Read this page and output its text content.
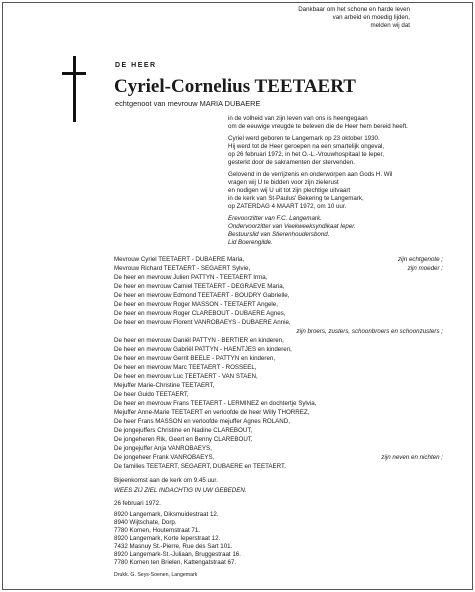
Dankbaar om het schone en harde leven
van arbeid en moedig lijden,
melden wij dat
DE HEER
Cyriel-Cornelius TEETAERT
echtgenoot van mevrouw MARIA DUBAERE
in de volheid van zijn leven van ons is heengegaan
om de eeuwige vreugde te beleven die de Heer hem bereid heeft.
Cyriel werd geboren te Langemark op 23 oktober 1930.
Hij werd tot de Heer geroepen na een smartelijk ongeval,
op 26 februari 1972, in het O.-L.-Vrouwhospitaal te Ieper,
gesterkt door de sakramenten der stervenden.
Gelovend in de verrijzenis en onderworpen aan Gods H. Wil
vragen wij U te bidden voor zijn zielerust
en nodigen wij U uit tot zijn plechtige uitvaart
in de kerk van St-Paulus' Bekering te Langemark,
op ZATERDAG 4 MAART 1972, om 10 uur.
Erevoorzitter van F.C. Langemark.
Ondervoorzitter van Veekweeksyndikaat Ieper.
Bestuurslid van Stierenhoudersbond.
Lid Boerengilde.
Mevrouw Cyriel TEETAERT - DUBAERE Maria,	zijn echtgenote ;
Mevrouw Richard TEETAERT - SEGAERT Sylvie,	zijn moeder ;
De heer en mevrouw Julien PATTYN - TEETAERT Irma,
De heer en mevrouw Camiel TEETAERT - DEGRAEVE Maria,
De heer en mevrouw Edmond TEETAERT - BOUDRY Gabrielle,
De heer en mevrouw Roger MASSON - TEETAERT Angele,
De heer en mevrouw Roger CLAREBOUT - DUBAERE Agnes,
De heer en mevrouw Florent VANROBAEYS - DUBAERE Annie,
zijn broers, zusters, schoonbroers en schoonzusters ;
De heer en mevrouw Daniël PATTYN - BERTIER en kinderen,
De heer en mevrouw Gabriël PATTYN - HAENTJES en kinderen,
De heer en mevrouw Gerrit BEELE - PATTYN en kinderen,
De heer en mevrouw Marc TEETAERT - ROSSEEL,
De heer en mevrouw Luc TEETAERT - VAN STAEN,
Mejuffer Marie-Christine TEETAERT,
De heer Guido TEETAERT,
De heer en mevrouw Frans TEETAERT - LERMINEZ en dochtertje Sylvia,
Mejuffer Anne-Marie TEETAERT en verloofde de heer Willy THORREZ,
De heer Frans MASSON en verloofde mejuffer Agnes ROLAND,
De jongejuffers Christine en Nadine CLAREBOUT,
De jongeheren Rik, Geert en Benny CLAREBOUT,
De jongejuffer Anja VANROBAEYS,
De jongeheer Frank VANROBAEYS,	zijn neven en nichten ;
De families TEETAERT, SEGAERT, DUBAERE en TEETAERT.
Bijeenkomst aan de kerk om 9.45 uur.
WEES ZIJ ZIEL INDACHTIG IN UW GEBEDEN.
26 februari 1972.
8920 Langemark, Diksmuidestraat 12.
8940 Wijtschate, Dorp.
7780 Komen, Houtemstraat 71.
8920 Langemark, Korte Ieperstraat 12.
7432 Masnuy St.-Pierre, Rue des Sart 101.
8920 Langemark-St.-Juliaan, Bruggestraat 16.
7780 Komen ten Brielen, Kattengatstraat 67.
Drukk. G. Seys-Soenen, Langemark
